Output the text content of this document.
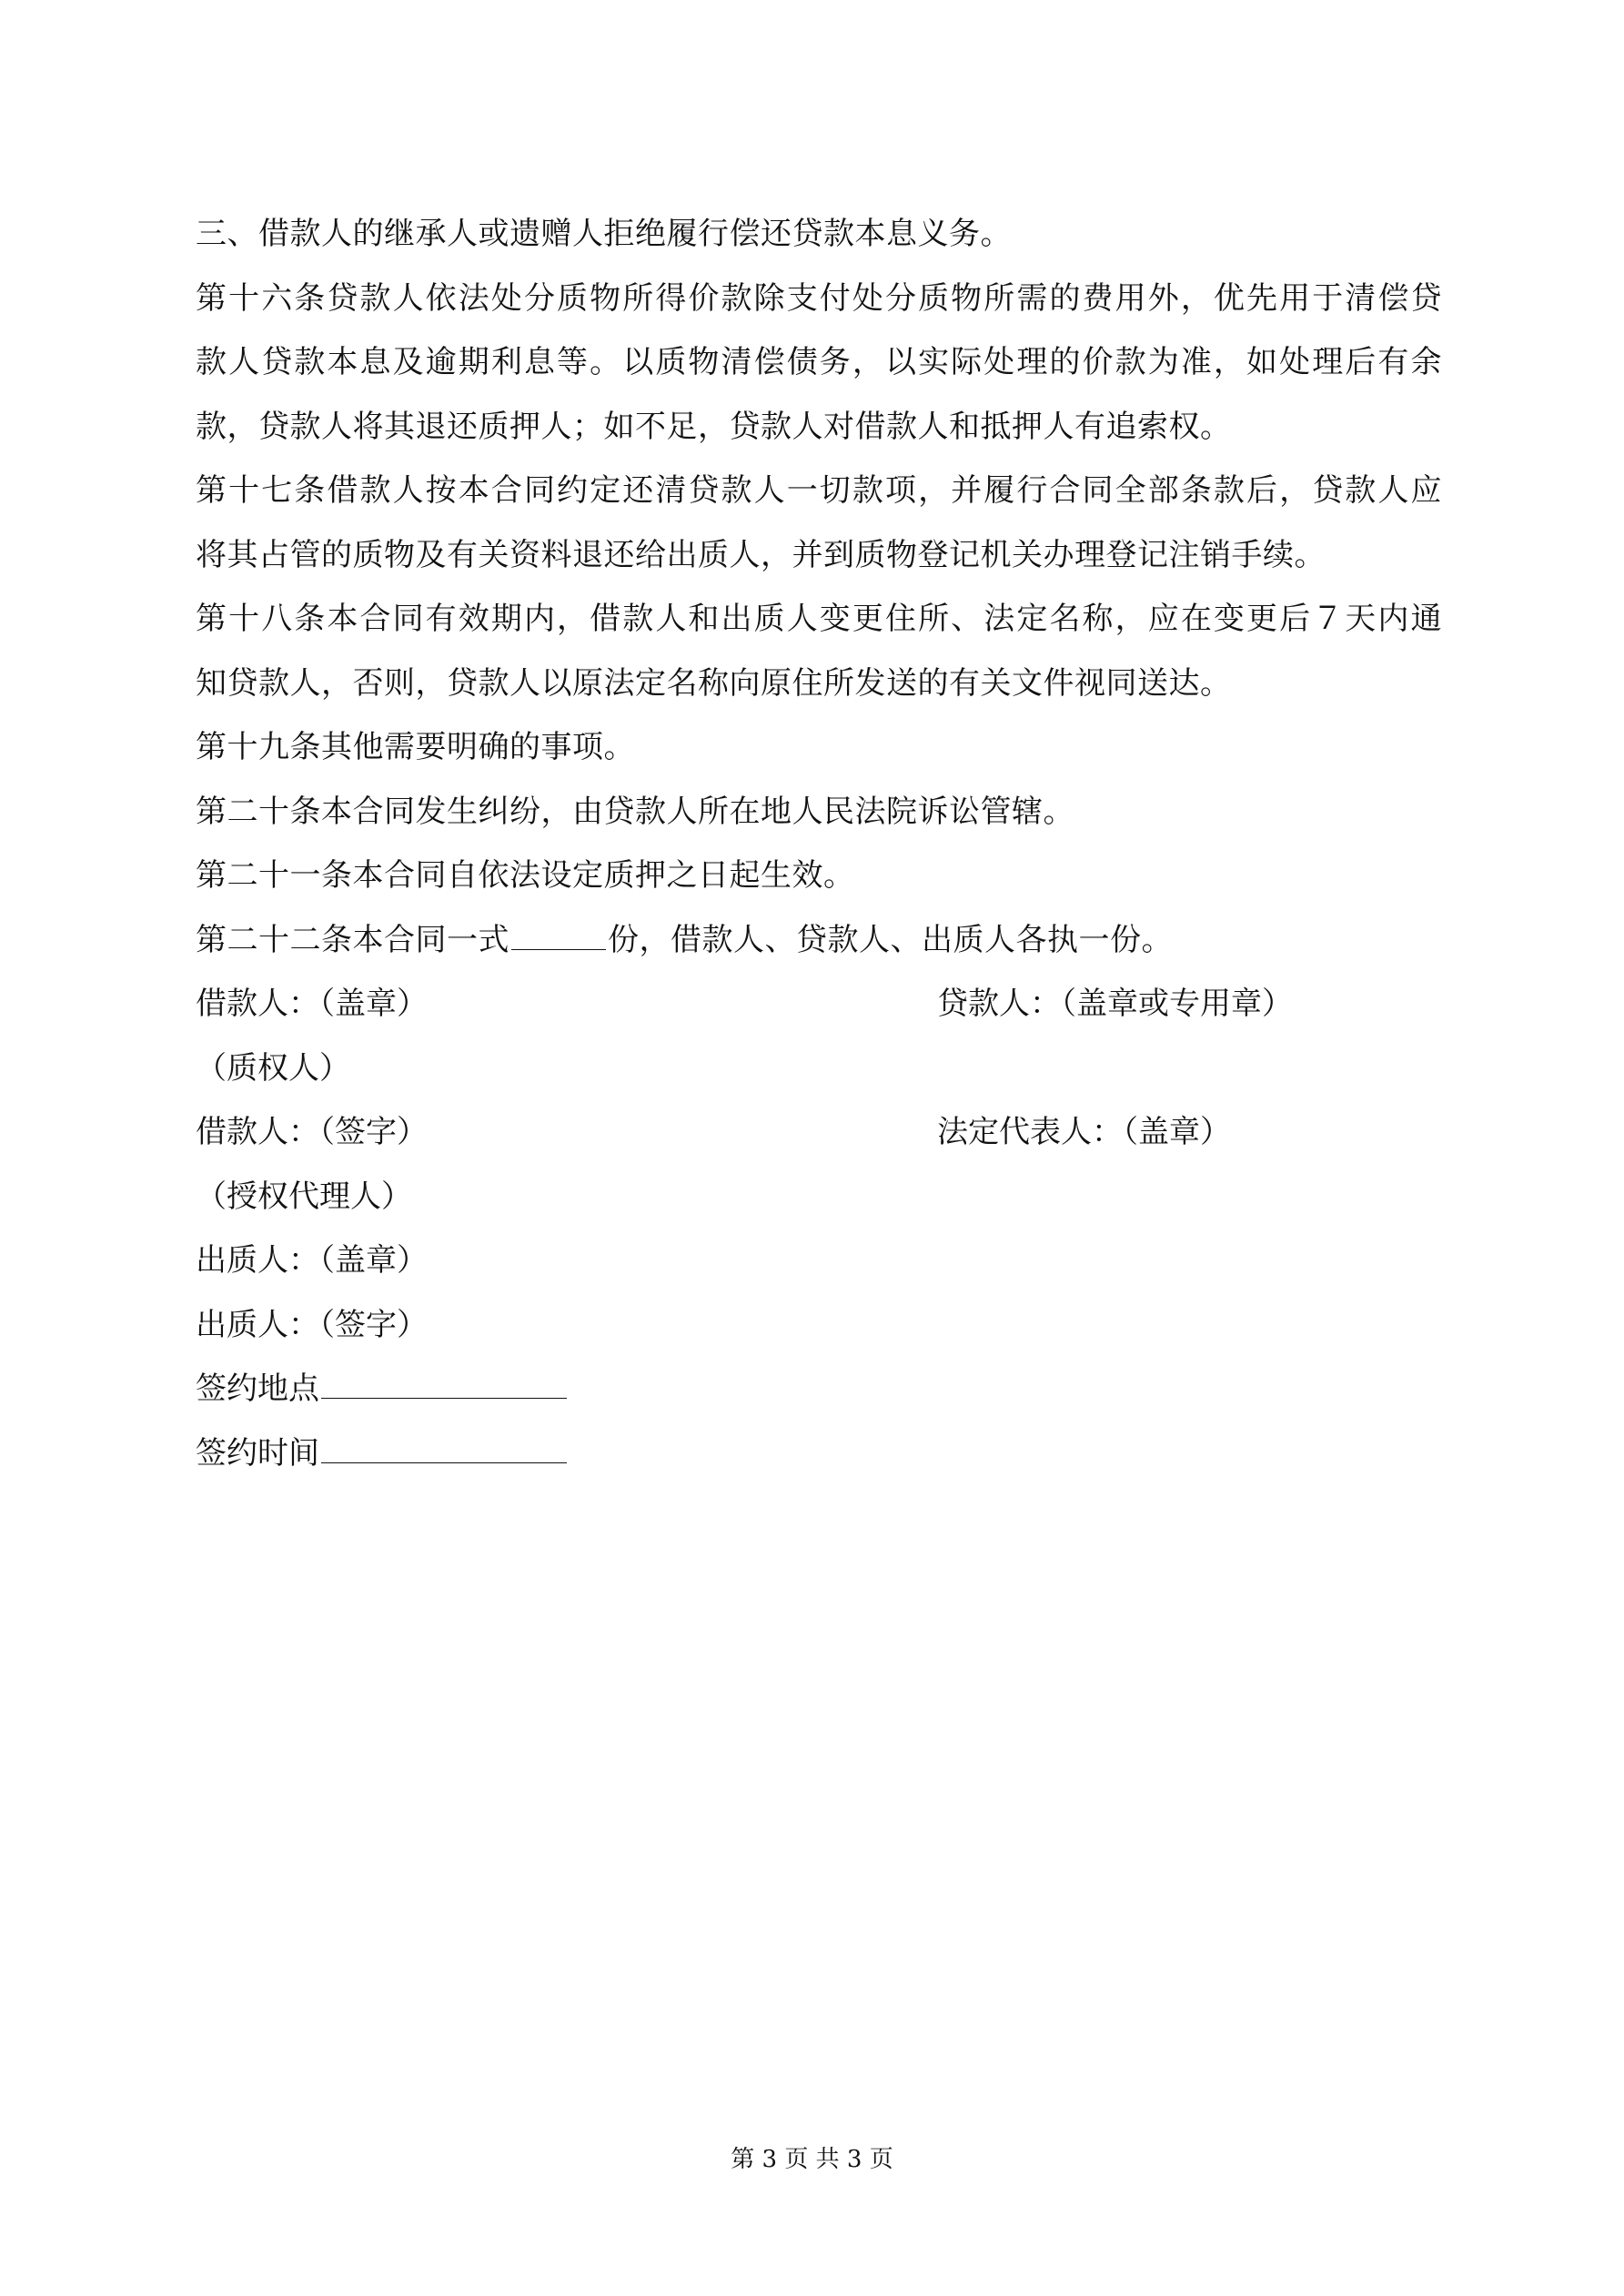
三、借款人的继承人或遗赠人拒绝履行偿还贷款本息义务。
第十六条贷款人依法处分质物所得价款除支付处分质物所需的费用外，优先用于清偿贷
款人贷款本息及逾期利息等。以质物清偿债务，以实际处理的价款为准，如处理后有余
款，贷款人将其退还质押人；如不足，贷款人对借款人和抵押人有追索权。
第十七条借款人按本合同约定还清贷款人一切款项，并履行合同全部条款后，贷款人应
将其占管的质物及有关资料退还给出质人，并到质物登记机关办理登记注销手续。
第十八条本合同有效期内，借款人和出质人变更住所、法定名称，应在变更后７天内通
知贷款人，否则，贷款人以原法定名称向原住所发送的有关文件视同送达。
第十九条其他需要明确的事项。
第二十条本合同发生纠纷，由贷款人所在地人民法院诉讼管辖。
第二十一条本合同自依法设定质押之日起生效。
第二十二条本合同一式	份，借款人、贷款人、出质人各执一份。
借款人：（盖章）	贷款人：（盖章或专用章）
（质权人）
借款人：（签字）	法定代表人：（盖章）
（授权代理人）
出质人：（盖章）
出质人：（签字）
签约地点
签约时间
第 3 页 共 3 页
